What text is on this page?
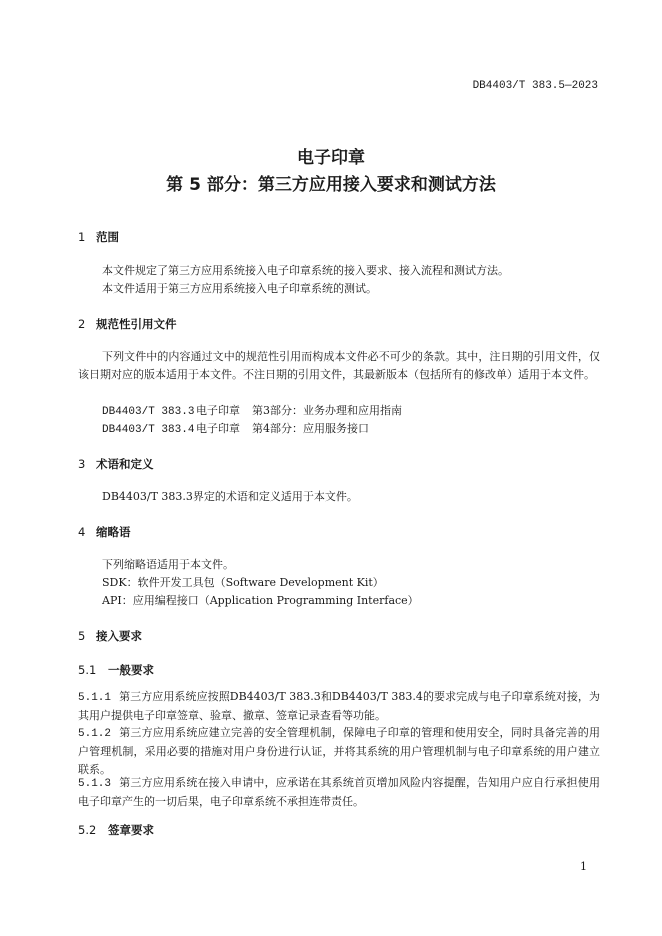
DB4403/T 383.5—2023
电子印章
第 5 部分：第三方应用接入要求和测试方法
1 范围
本文件规定了第三方应用系统接入电子印章系统的接入要求、接入流程和测试方法。
本文件适用于第三方应用系统接入电子印章系统的测试。
2 规范性引用文件
下列文件中的内容通过文中的规范性引用而构成本文件必不可少的条款。其中，注日期的引用文件，仅该日期对应的版本适用于本文件。不注日期的引用文件，其最新版本（包括所有的修改单）适用于本文件。
DB4403/T 383.3 电子印章 第3部分：业务办理和应用指南
DB4403/T 383.4 电子印章 第4部分：应用服务接口
3 术语和定义
DB4403/T 383.3界定的术语和定义适用于本文件。
4 缩略语
下列缩略语适用于本文件。
SDK：软件开发工具包（Software Development Kit）
API：应用编程接口（Application Programming Interface）
5 接入要求
5.1 一般要求
5.1.1 第三方应用系统应按照DB4403/T 383.3和DB4403/T 383.4的要求完成与电子印章系统对接，为其用户提供电子印章签章、验章、撤章、签章记录查看等功能。
5.1.2 第三方应用系统应建立完善的安全管理机制，保障电子印章的管理和使用安全，同时具备完善的用户管理机制，采用必要的措施对用户身份进行认证，并将其系统的用户管理机制与电子印章系统的用户建立联系。
5.1.3 第三方应用系统在接入申请中，应承诺在其系统首页增加风险内容提醒，告知用户应自行承担使用电子印章产生的一切后果，电子印章系统不承担连带责任。
5.2 签章要求
1
